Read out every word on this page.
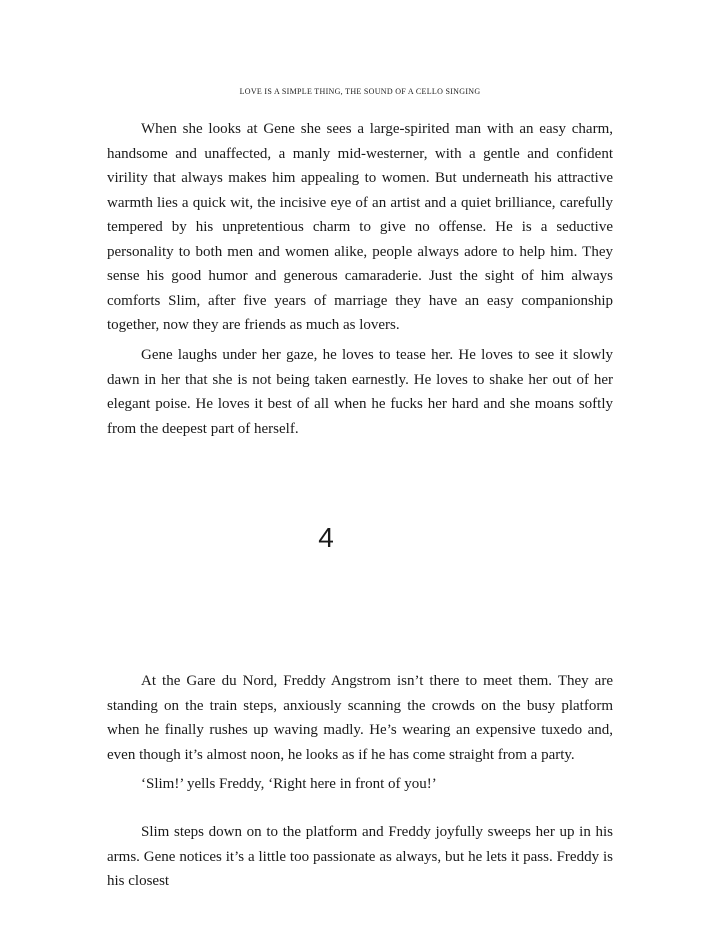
LOVE IS A SIMPLE THING, THE SOUND OF A CELLO SINGING

When she looks at Gene she sees a large-spirited man with an easy charm, handsome and unaffected, a manly mid-westerner, with a gentle and confident virility that always makes him appealing to women. But underneath his attractive warmth lies a quick wit, the incisive eye of an artist and a quiet brilliance, carefully tempered by his unpretentious charm to give no offense. He is a seductive personality to both men and women alike, people always adore to help him. They sense his good humor and generous camaraderie. Just the sight of him always comforts Slim, after five years of marriage they have an easy companionship together, now they are friends as much as lovers.

Gene laughs under her gaze, he loves to tease her. He loves to see it slowly dawn in her that she is not being taken earnestly. He loves to shake her out of her elegant poise. He loves it best of all when he fucks her hard and she moans softly from the deepest part of herself.

4

At the Gare du Nord, Freddy Angstrom isn’t there to meet them. They are standing on the train steps, anxiously scanning the crowds on the busy platform when he finally rushes up waving madly. He’s wearing an expensive tuxedo and, even though it’s almost noon, he looks as if he has come straight from a party.

‘Slim!’ yells Freddy, ‘Right here in front of you!’

Slim steps down on to the platform and Freddy joyfully sweeps her up in his arms. Gene notices it’s a little too passionate as always, but he lets it pass. Freddy is his closest
